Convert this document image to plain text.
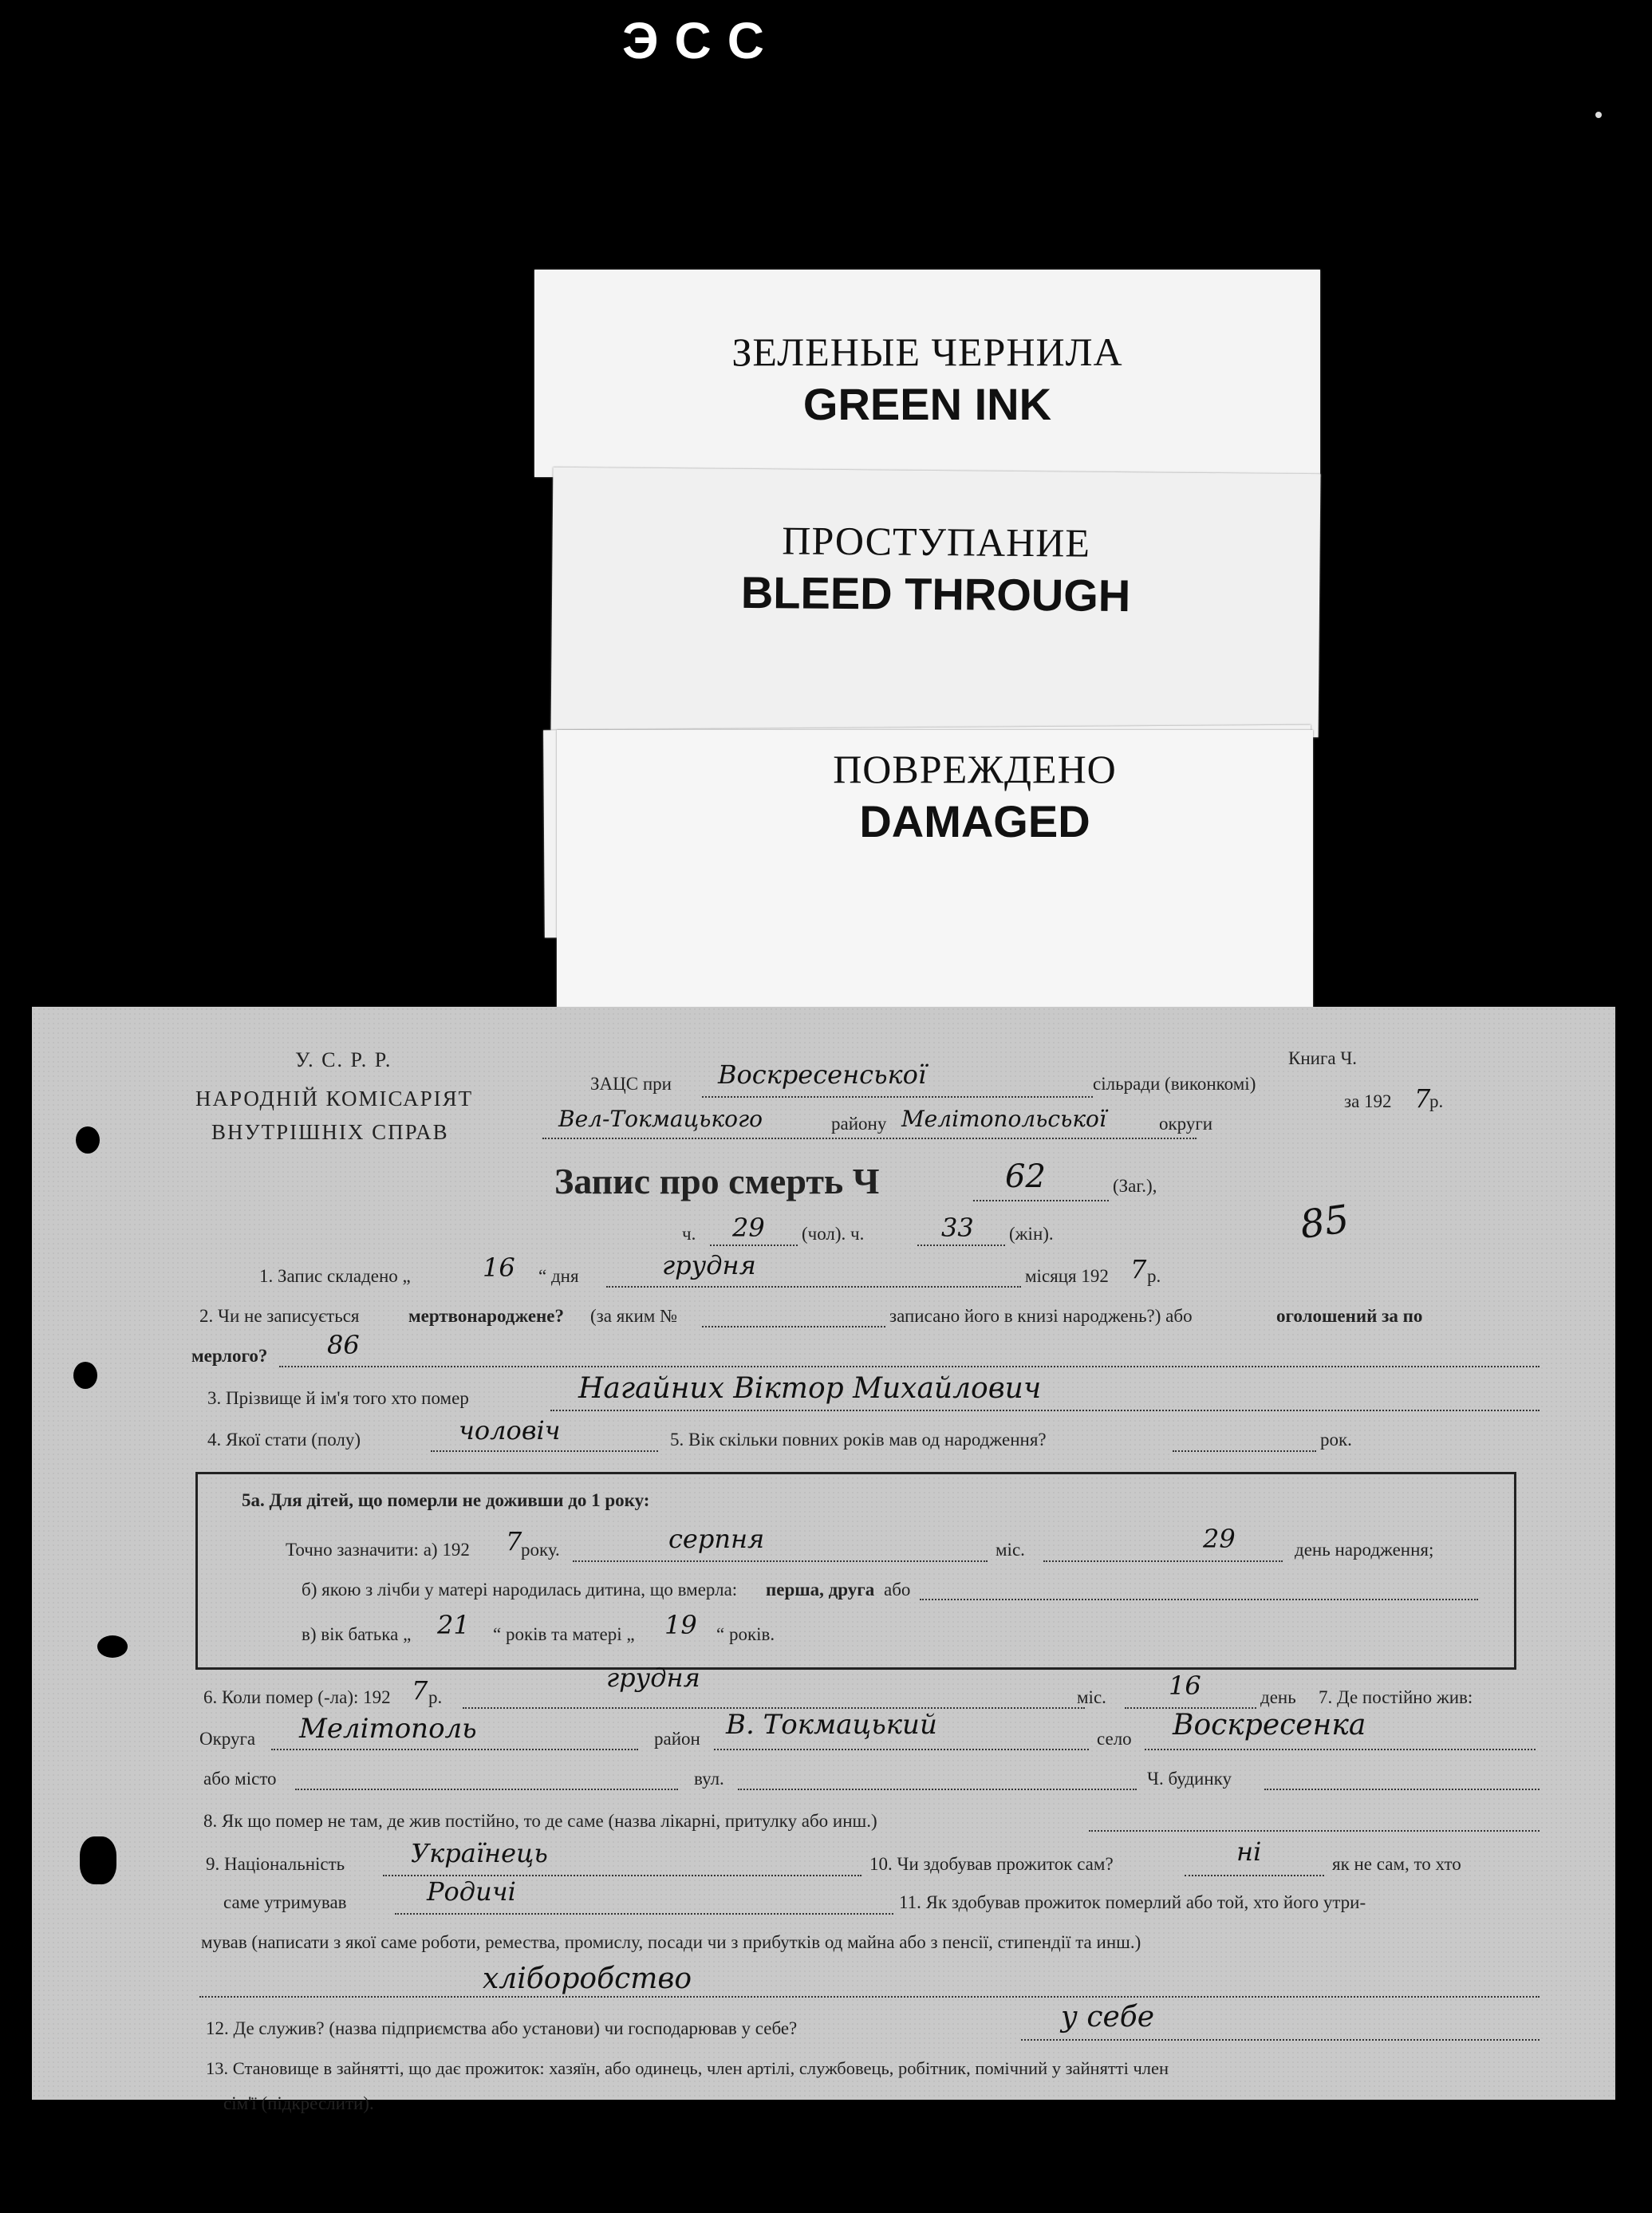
ЭСС
ЗЕЛЕНЫЕ ЧЕРНИЛА
GREEN INK
ПРОСТУПАНИЕ
BLEED THROUGH
ПОВРЕЖДЕНО
DAMAGED
У. С. Р. Р.
НАРОДНІЙ КОМІСАРІЯТ
ВНУТРІШНІХ СПРАВ
ЗАЦС при Воскресенської	сільради (виконкомі)
Вел-Токмацького	району Мелітопольської	округи
Книга Ч.
за 192 7
р.
Запис про смерть Ч	62	(Заг.),
ч. 29 (чол). ч.	33 (жін).	85
1. Запис складено „	16 “ дня	грудня	місяця 192 7 р.
2. Чи не записується	мертвонароджене? (за яким №	записано його в книзі народжень?) або	оголошений за по
мерлого? 86
3. Прізвище й ім'я того хто помер	Нагайних Віктор Михайлович
4. Якої стати (полу)	чоловіч	5. Вік скільки повних років мав од народження?	рок.
5а. Для дітей, що померли не доживши до 1 року:
Точно зазначити: а) 192 7
року.	серпня	міс.	29	день народження;
б) якою з лічби у матері народилась дитина, що вмерла: перша, друга або
в) вік батька „ 21 “ років та матері „ 19 “ років.
6. Коли помер (-ла): 192 7 р.
грудня
міс. 16	день 7. Де постійно жив:
Округа Мелітополь	район В. Токмацький	село Воскресенка
або місто	вул.	Ч. будинку
8. Як що помер не там, де жив постійно, то де саме (назва лікарні, притулку або инш.)
9. Національність	Українець	10. Чи здобував прожиток сам?	ні	як не сам, то хто
саме утримував	Родичі	11. Як здобував прожиток померлий або той, хто його утри-
мував (написати з якої саме роботи, ремества, промислу, посади чи з прибутків од майна або з пенсії, стипендії та инш.)
хліборобство
12. Де служив? (назва підприємства або установи) чи господарював у себе?	у себе
13. Становище в зайнятті, що дає прожиток: хазяїн, або одинець, член артілі, службовець, робітник, помічний у зайнятті член
сім'ї (підкреслити).
